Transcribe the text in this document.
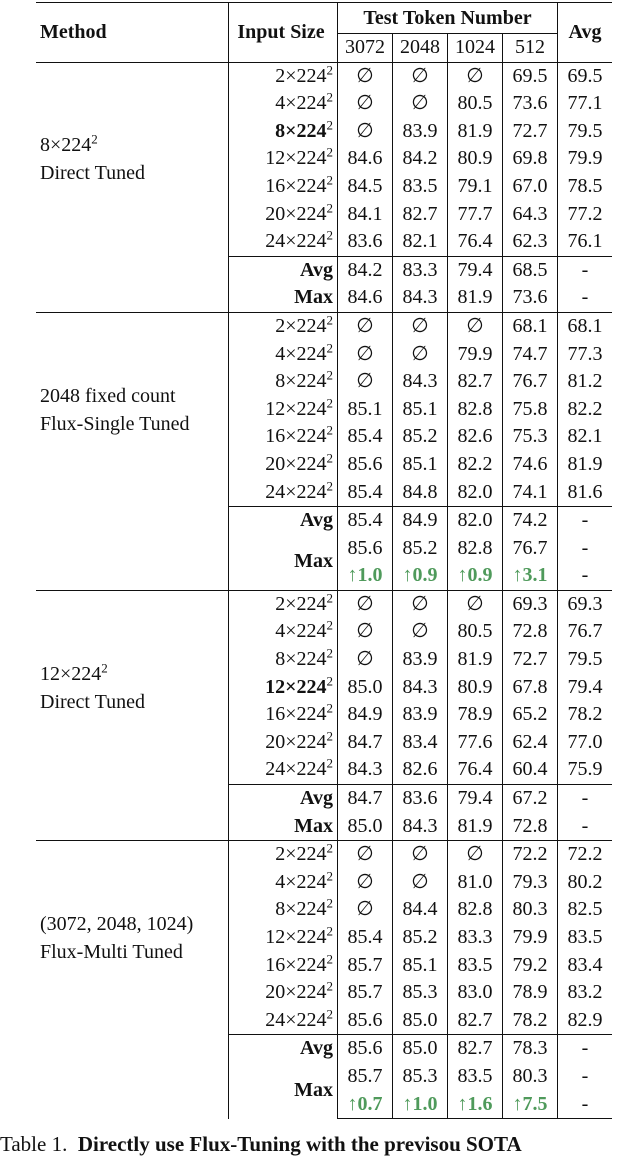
Method	Input Size	Test Token Number				Avg
		3072	2048	1024	512	
$8\times 224^2$
Direct Tuned	$2\times 224^2$	∅	∅	∅	69.5	69.5
	$4\times 224^2$	∅	∅	80.5	73.6	77.1
	$8\times 224^2$	∅	83.9	81.9	72.7	79.5
	$12\times 224^2$	84.6	84.2	80.9	69.8	79.9
	$16\times 224^2$	84.5	83.5	79.1	67.0	78.5
	$20\times 224^2$	84.1	82.7	77.7	64.3	77.2
	$24\times 224^2$	83.6	82.1	76.4	62.3	76.1
	Avg	84.2	83.3	79.4	68.5	-
	Max	84.6	84.3	81.9	73.6	-
2048 fixed count
Flux-Single Tuned	$2\times 224^2$	∅	∅	∅	68.1	68.1
	$4\times 224^2$	∅	∅	79.9	74.7	77.3
	$8\times 224^2$	∅	84.3	82.7	76.7	81.2
	$12\times 224^2$	85.1	85.1	82.8	75.8	82.2
	$16\times 224^2$	85.4	85.2	82.6	75.3	82.1
	$20\times 224^2$	85.6	85.1	82.2	74.6	81.9
	$24\times 224^2$	85.4	84.8	82.0	74.1	81.6
	Avg	85.4	84.9	82.0	74.2	-
	Max	85.6	85.2	82.8	76.7	-
		↑1.0	↑0.9	↑0.9	↑3.1	-
$12\times 224^2$
Direct Tuned	$2\times 224^2$	∅	∅	∅	69.3	69.3
	$4\times 224^2$	∅	∅	80.5	72.8	76.7
	$8\times 224^2$	∅	83.9	81.9	72.7	79.5
	$12\times 224^2$	85.0	84.3	80.9	67.8	79.4
	$16\times 224^2$	84.9	83.9	78.9	65.2	78.2
	$20\times 224^2$	84.7	83.4	77.6	62.4	77.0
	$24\times 224^2$	84.3	82.6	76.4	60.4	75.9
	Avg	84.7	83.6	79.4	67.2	-
	Max	85.0	84.3	81.9	72.8	-
(3072, 2048, 1024)
Flux-Multi Tuned	$2\times 224^2$	∅	∅	∅	72.2	72.2
	$4\times 224^2$	∅	∅	81.0	79.3	80.2
	$8\times 224^2$	∅	84.4	82.8	80.3	82.5
	$12\times 224^2$	85.4	85.2	83.3	79.9	83.5
	$16\times 224^2$	85.7	85.1	83.5	79.2	83.4
	$20\times 224^2$	85.7	85.3	83.0	78.9	83.2
	$24\times 224^2$	85.6	85.0	82.7	78.2	82.9
	Avg	85.6	85.0	82.7	78.3	-
	Max	85.7	85.3	83.5	80.3	-
		↑0.7	↑1.0	↑1.6	↑7.5	-
Table 1. Directly use Flux-Tuning with the previsou SOTA
